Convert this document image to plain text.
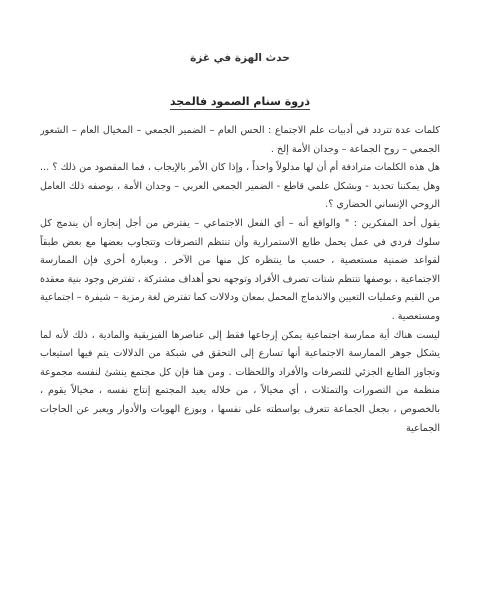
حدث الهزة في غزة
ذروة سنام الصمود فالمجد

كلمات عدة تتردد في أدبيات علم الاجتماع : الحس العام – الضمير الجمعي – المخيال العام – الشعور الجمعي – روح الجماعة – وجدان الأمة إلخ .

هل هذه الكلمات مترادفة أم أن لها مدلولاً واحداً ، وإذا كان الأمر بالإيجاب ، فما المقصود من ذلك ؟ ... وهل يمكننا تحديد - وبشكل علمي قاطع - الضمير الجمعي العربي – وجدان الأمة ، بوصفه ذلك العامل الروحي الإنساني الحضاري ؟.

يقول أحد المفكرين : " والواقع أنه – أي الفعل الاجتماعي – يفترض من أجل إنجازه أن يندمج كل سلوك فردي في عمل يحمل طابع الاستمرارية وأن تنتظم التصرفات وتتجاوب بعضها مع بعض طبقاً لقواعد ضمنية مستعصية ، حسب ما ينتظره كل منها من الآخر . وبعبارة أخرى فإن الممارسة الاجتماعية ، بوصفها تنتظم شتات تصرف الأفراد وتوجهه نحو أهداف مشتركة ، تفترض وجود بنية معقدة من القيم وعمليات التعيين والاندماج المحمل بمعان ودلالات كما تفترض لغة رمزية – شيفرة – اجتماعية ومستعصية .

ليست هناك أية ممارسة اجتماعية يمكن إرجاعها فقط إلى عناصرها الفيزيقية والمادية ، ذلك لأنه لما يشكل جوهر الممارسة الاجتماعية أنها تسارع إلى التحقق في شبكة من الدلالات يتم فيها استيعاب وتجاوز الطابع الجزئي للتصرفات والأفراد واللحظات . ومن هنا فإن كل مجتمع ينشئ لنفسه مجموعة منظمة من التصورات والتمثلات ، أي مخيالاً ، من خلاله يعيد المجتمع إنتاج نفسه ، مخيالاً يقوم ، بالخصوص ، بجعل الجماعة تتعرف بواسطته على نفسها ، وبوزع الهويات والأدوار ويعبر عن الحاجات الجماعية
